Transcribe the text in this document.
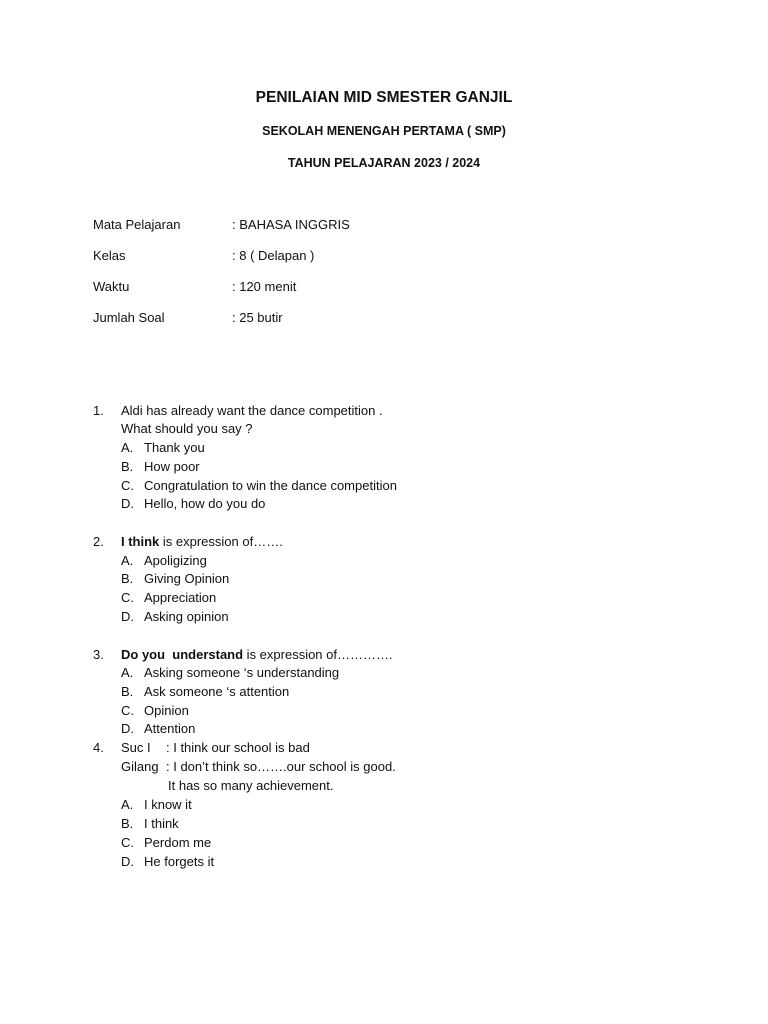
PENILAIAN MID SMESTER GANJIL
SEKOLAH MENENGAH PERTAMA ( SMP)
TAHUN PELAJARAN 2023 / 2024
Mata Pelajaran	: BAHASA INGGRIS
Kelas	: 8 ( Delapan )
Waktu	: 120 menit
Jumlah Soal	: 25 butir
1. Aldi has already want the dance competition .
What should you say ?
A. Thank you
B. How poor
C. Congratulation to win the dance competition
D. Hello, how do you do
2. I think is expression of…….
A. Apoligizing
B. Giving Opinion
C. Appreciation
D. Asking opinion
3. Do you  understand is expression of………….
A. Asking someone ‘s understanding
B. Ask someone ‘s attention
C. Opinion
D. Attention
4. Suc I : I think our school is bad
Gilang : I don’t think so…….our school is good.
It has so many achievement.
A. I know it
B. I think
C. Perdom me
D. He forgets it
